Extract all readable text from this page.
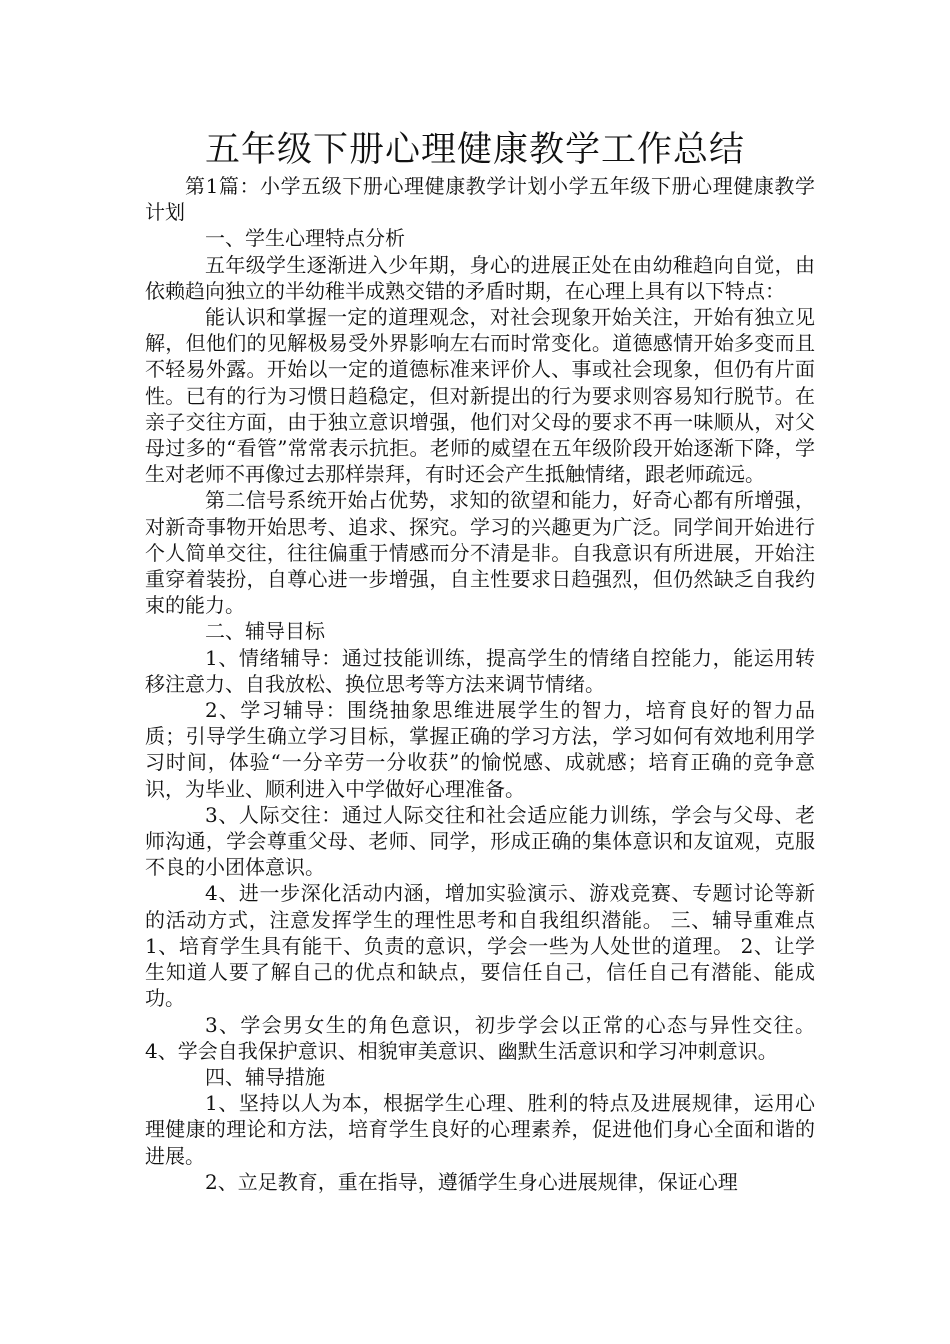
五年级下册心理健康教学工作总结

第1篇：小学五级下册心理健康教学计划小学五年级下册心理健康教学计划

一、学生心理特点分析

五年级学生逐渐进入少年期，身心的进展正处在由幼稚趋向自觉，由依赖趋向独立的半幼稚半成熟交错的矛盾时期，在心理上具有以下特点：

能认识和掌握一定的道理观念，对社会现象开始关注，开始有独立见解，但他们的见解极易受外界影响左右而时常变化。道德感情开始多变而且不轻易外露。开始以一定的道德标准来评价人、事或社会现象，但仍有片面性。已有的行为习惯日趋稳定，但对新提出的行为要求则容易知行脱节。在亲子交往方面，由于独立意识增强，他们对父母的要求不再一味顺从，对父母过多的“看管”常常表示抗拒。老师的威望在五年级阶段开始逐渐下降，学生对老师不再像过去那样崇拜，有时还会产生抵触情绪，跟老师疏远。

第二信号系统开始占优势，求知的欲望和能力，好奇心都有所增强，对新奇事物开始思考、追求、探究。学习的兴趣更为广泛。同学间开始进行个人简单交往，往往偏重于情感而分不清是非。自我意识有所进展，开始注重穿着装扮，自尊心进一步增强，自主性要求日趋强烈，但仍然缺乏自我约束的能力。

二、辅导目标

1、情绪辅导：通过技能训练，提高学生的情绪自控能力，能运用转移注意力、自我放松、换位思考等方法来调节情绪。

2、学习辅导：围绕抽象思维进展学生的智力，培育良好的智力品质；引导学生确立学习目标，掌握正确的学习方法，学习如何有效地利用学习时间，体验“一分辛劳一分收获”的愉悦感、成就感；培育正确的竞争意识，为毕业、顺利进入中学做好心理准备。

3、人际交往：通过人际交往和社会适应能力训练，学会与父母、老师沟通，学会尊重父母、老师、同学，形成正确的集体意识和友谊观，克服不良的小团体意识。

4、进一步深化活动内涵，增加实验演示、游戏竞赛、专题讨论等新的活动方式，注意发挥学生的理性思考和自我组织潜能。 三、辅导重难点 1、培育学生具有能干、负责的意识，学会一些为人处世的道理。 2、让学生知道人要了解自己的优点和缺点，要信任自己，信任自己有潜能、能成功。

3、学会男女生的角色意识，初步学会以正常的心态与异性交往。 4、学会自我保护意识、相貌审美意识、幽默生活意识和学习冲刺意识。

四、辅导措施

1、坚持以人为本，根据学生心理、胜利的特点及进展规律，运用心理健康的理论和方法，培育学生良好的心理素养，促进他们身心全面和谐的进展。

2、立足教育，重在指导，遵循学生身心进展规律，保证心理
